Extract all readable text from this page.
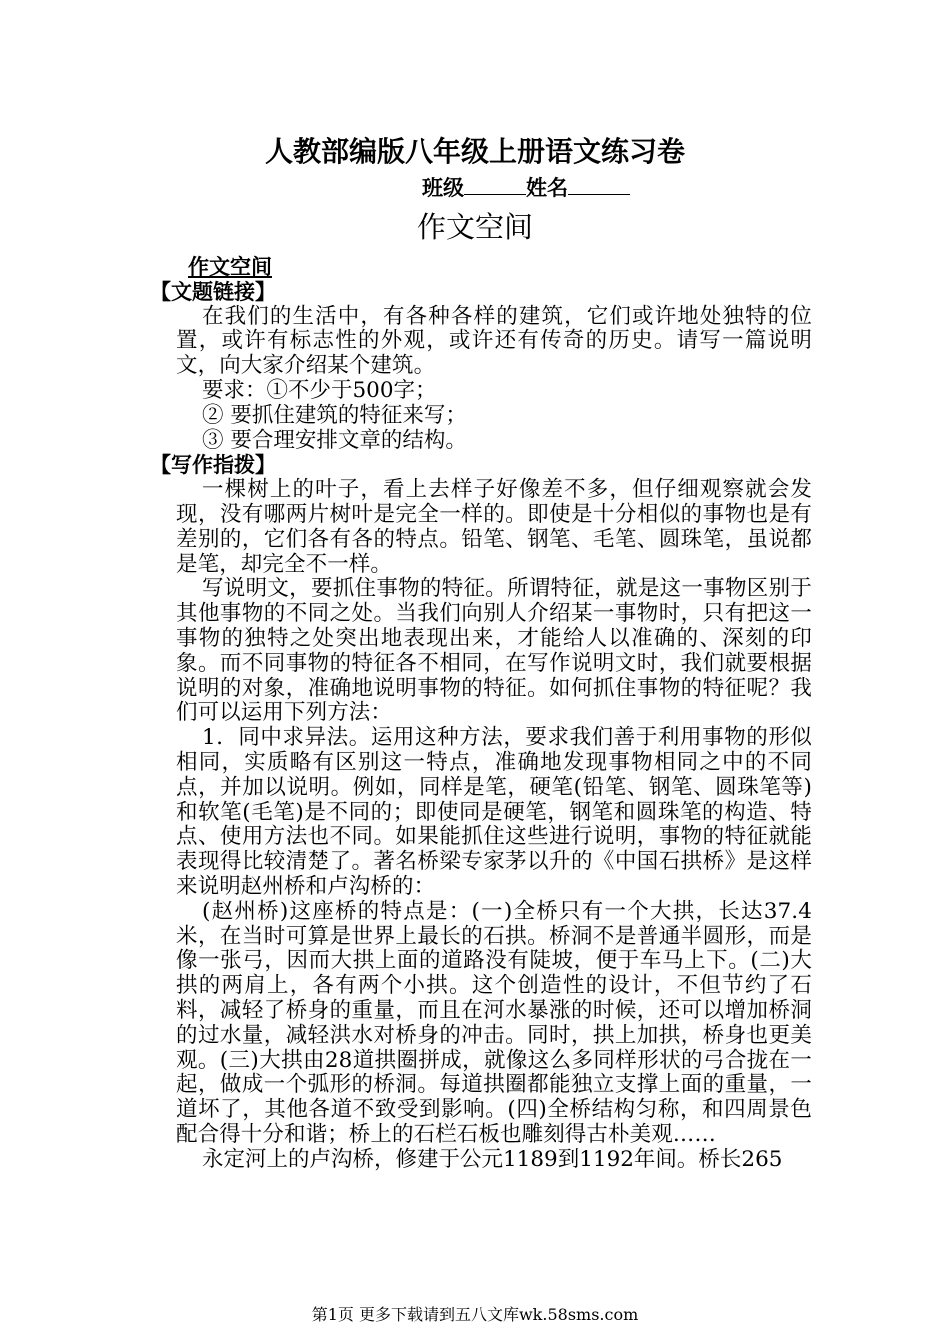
人教部编版八年级上册语文练习卷
班级	姓名
作文空间
作文空间
【文题链接】
在我们的生活中，有各种各样的建筑，它们或许地处独特的位置，或许有标志性的外观，或许还有传奇的历史。请写一篇说明文，向大家介绍某个建筑。
要求：①不少于500字；
② 要抓住建筑的特征来写；
③ 要合理安排文章的结构。
【写作指拨】
一棵树上的叶子，看上去样子好像差不多，但仔细观察就会发现，没有哪两片树叶是完全一样的。即使是十分相似的事物也是有差别的，它们各有各的特点。铅笔、钢笔、毛笔、圆珠笔，虽说都是笔，却完全不一样。
写说明文，要抓住事物的特征。所谓特征，就是这一事物区别于其他事物的不同之处。当我们向别人介绍某一事物时，只有把这一事物的独特之处突出地表现出来，才能给人以准确的、深刻的印象。而不同事物的特征各不相同，在写作说明文时，我们就要根据说明的对象，准确地说明事物的特征。如何抓住事物的特征呢？我们可以运用下列方法：
1．同中求异法。运用这种方法，要求我们善于利用事物的形似相同，实质略有区别这一特点，准确地发现事物相同之中的不同点，并加以说明。例如，同样是笔，硬笔(铅笔、钢笔、圆珠笔等)和软笔(毛笔)是不同的；即使同是硬笔，钢笔和圆珠笔的构造、特点、使用方法也不同。如果能抓住这些进行说明，事物的特征就能表现得比较清楚了。著名桥梁专家茅以升的《中国石拱桥》是这样来说明赵州桥和卢沟桥的：
(赵州桥)这座桥的特点是：(一)全桥只有一个大拱，长达37.4米，在当时可算是世界上最长的石拱。桥洞不是普通半圆形，而是像一张弓，因而大拱上面的道路没有陡坡，便于车马上下。(二)大拱的两肩上，各有两个小拱。这个创造性的设计，不但节约了石料，减轻了桥身的重量，而且在河水暴涨的时候，还可以增加桥洞的过水量，减轻洪水对桥身的冲击。同时，拱上加拱，桥身也更美观。(三)大拱由28道拱圈拼成，就像这么多同样形状的弓合拢在一起，做成一个弧形的桥洞。每道拱圈都能独立支撑上面的重量，一道坏了，其他各道不致受到影响。(四)全桥结构匀称，和四周景色配合得十分和谐；桥上的石栏石板也雕刻得古朴美观……
永定河上的卢沟桥，修建于公元1189到1192年间。桥长265
第1页 更多下载请到五八文库wk.58sms.com
